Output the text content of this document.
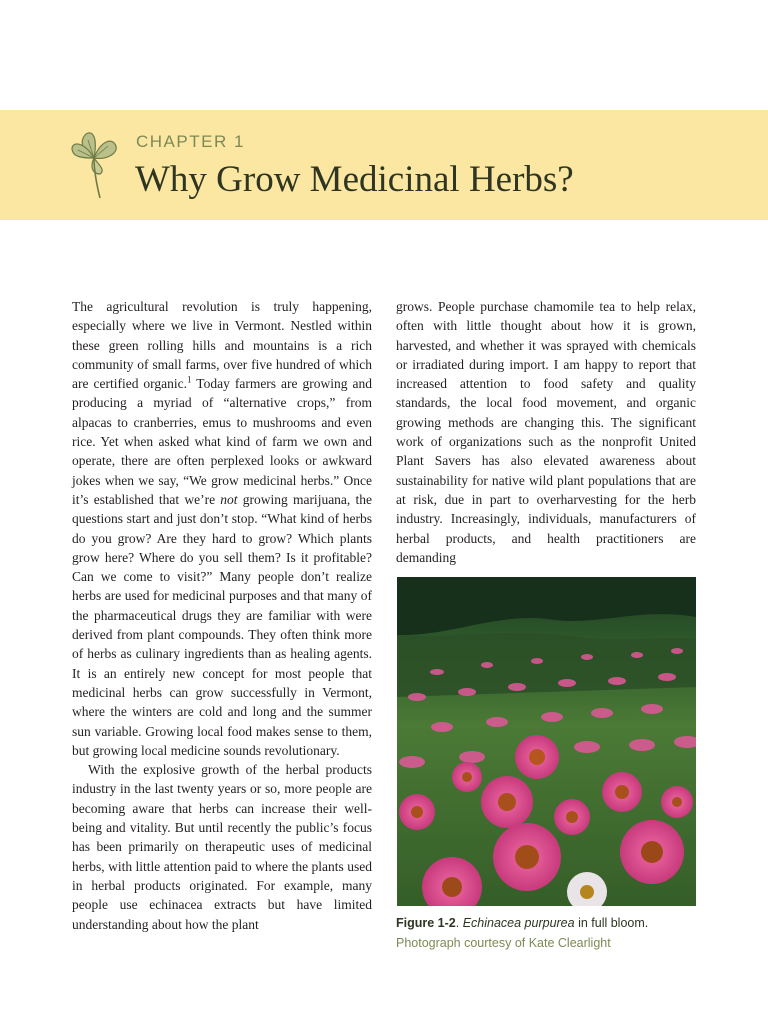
CHAPTER 1
Why Grow Medicinal Herbs?

The agricultural revolution is truly happening, especially where we live in Vermont. Nestled within these green rolling hills and mountains is a rich community of small farms, over five hundred of which are certified organic.$^1$ Today farmers are growing and producing a myriad of “alternative crops,” from alpacas to cranberries, emus to mushrooms and even rice. Yet when asked what kind of farm we own and operate, there are often perplexed looks or awkward jokes when we say, “We grow medicinal herbs.” Once it’s established that we’re not growing marijuana, the questions start and just don’t stop. “What kind of herbs do you grow? Are they hard to grow? Which plants grow here? Where do you sell them? Is it profitable? Can we come to visit?” Many people don’t realize herbs are used for medicinal purposes and that many of the pharmaceutical drugs they are familiar with were derived from plant compounds. They often think more of herbs as culinary ingredients than as healing agents. It is an entirely new concept for most people that medicinal herbs can grow successfully in Vermont, where the winters are cold and long and the summer sun variable. Growing local food makes sense to them, but growing local medicine sounds revolutionary.

With the explosive growth of the herbal products industry in the last twenty years or so, more people are becoming aware that herbs can increase their well-being and vitality. But until recently the public’s focus has been primarily on therapeutic uses of medicinal herbs, with little attention paid to where the plants used in herbal products originated. For example, many people use echinacea extracts but have limited understanding about how the plant

grows. People purchase chamomile tea to help relax, often with little thought about how it is grown, harvested, and whether it was sprayed with chemicals or irradiated during import. I am happy to report that increased attention to food safety and quality standards, the local food movement, and organic growing methods are changing this. The significant work of organizations such as the nonprofit United Plant Savers has also elevated awareness about sustainability for native wild plant populations that are at risk, due in part to overharvesting for the herb industry. Increasingly, individuals, manufacturers of herbal products, and health practitioners are demanding

Figure 1-2. Echinacea purpurea in full bloom. Photograph courtesy of Kate Clearlight
